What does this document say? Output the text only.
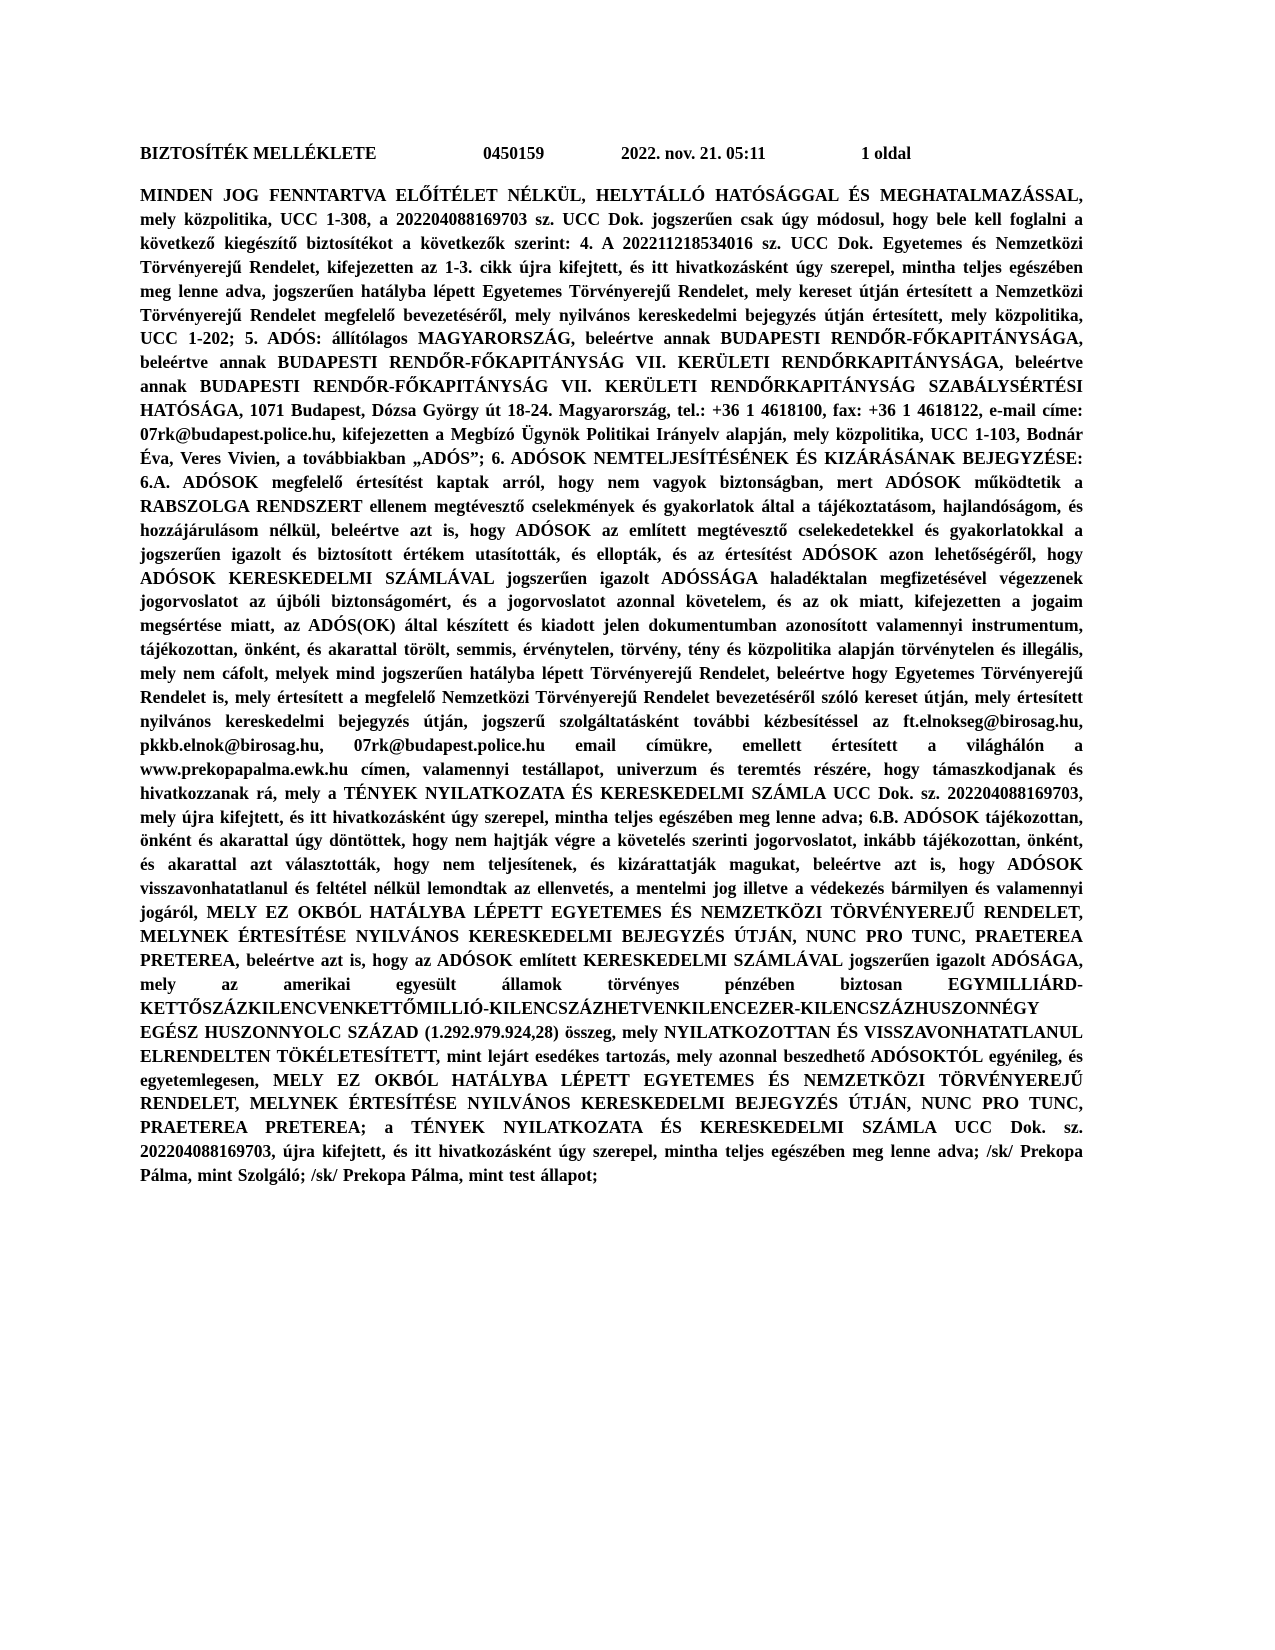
BIZTOSÍTÉK MELLÉKLETE	0450159	2022. nov. 21. 05:11	1 oldal

MINDEN JOG FENNTARTVA ELŐÍTÉLET NÉLKÜL, HELYTÁLLÓ HATÓSÁGGAL ÉS MEGHATALMAZÁSSAL, mely közpolitika, UCC 1-308, a 202204088169703 sz. UCC Dok. jogszerűen csak úgy módosul, hogy bele kell foglalni a következő kiegészítő biztosítékot a következők szerint: 4. A 202211218534016 sz. UCC Dok. Egyetemes és Nemzetközi Törvényerejű Rendelet, kifejezetten az 1-3. cikk újra kifejtett, és itt hivatkozásként úgy szerepel, mintha teljes egészében meg lenne adva, jogszerűen hatályba lépett Egyetemes Törvényerejű Rendelet, mely kereset útján értesített a Nemzetközi Törvényerejű Rendelet megfelelő bevezetéséről, mely nyilvános kereskedelmi bejegyzés útján értesített, mely közpolitika, UCC 1-202; 5. ADÓS: állítólagos MAGYARORSZÁG, beleértve annak BUDAPESTI RENDŐR-FŐKAPITÁNYSÁGA, beleértve annak BUDAPESTI RENDŐR-FŐKAPITÁNYSÁG VII. KERÜLETI RENDŐRKAPITÁNYSÁGA, beleértve annak BUDAPESTI RENDŐR-FŐKAPITÁNYSÁG VII. KERÜLETI RENDŐRKAPITÁNYSÁG SZABÁLYSÉRTÉSI HATÓSÁGA, 1071 Budapest, Dózsa György út 18-24. Magyarország, tel.: +36 1 4618100, fax: +36 1 4618122, e-mail címe: 07rk@budapest.police.hu, kifejezetten a Megbízó Ügynök Politikai Irányelv alapján, mely közpolitika, UCC 1-103, Bodnár Éva, Veres Vivien, a továbbiakban „ADÓS”; 6. ADÓSOK NEMTELJESÍTÉSÉNEK ÉS KIZÁRÁSÁNAK BEJEGYZÉSE: 6.A. ADÓSOK megfelelő értesítést kaptak arról, hogy nem vagyok biztonságban, mert ADÓSOK működtetik a RABSZOLGA RENDSZERT ellenem megtévesztő cselekmények és gyakorlatok által a tájékoztatásom, hajlandóságom, és hozzájárulásom nélkül, beleértve azt is, hogy ADÓSOK az említett megtévesztő cselekedetekkel és gyakorlatokkal a jogszerűen igazolt és biztosított értékem utasították, és ellopták, és az értesítést ADÓSOK azon lehetőségéről, hogy ADÓSOK KERESKEDELMI SZÁMLÁVAL jogszerűen igazolt ADÓSSÁGA haladéktalan megfizetésével végezzenek jogorvoslatot az újbóli biztonságomért, és a jogorvoslatot azonnal követelem, és az ok miatt, kifejezetten a jogaim megsértése miatt, az ADÓS(OK) által készített és kiadott jelen dokumentumban azonosított valamennyi instrumentum, tájékozottan, önként, és akarattal törölt, semmis, érvénytelen, törvény, tény és közpolitika alapján törvénytelen és illegális, mely nem cáfolt, melyek mind jogszerűen hatályba lépett Törvényerejű Rendelet, beleértve hogy Egyetemes Törvényerejű Rendelet is, mely értesített a megfelelő Nemzetközi Törvényerejű Rendelet bevezetéséről szóló kereset útján, mely értesített nyilvános kereskedelmi bejegyzés útján, jogszerű szolgáltatásként további kézbesítéssel az ft.elnokseg@birosag.hu, pkkb.elnok@birosag.hu, 07rk@budapest.police.hu email címükre, emellett értesített a világhálón a www.prekopapalma.ewk.hu címen, valamennyi testállapot, univerzum és teremtés részére, hogy támaszkodjanak és hivatkozzanak rá, mely a TÉNYEK NYILATKOZATA ÉS KERESKEDELMI SZÁMLA UCC Dok. sz. 202204088169703, mely újra kifejtett, és itt hivatkozásként úgy szerepel, mintha teljes egészében meg lenne adva; 6.B. ADÓSOK tájékozottan, önként és akarattal úgy döntöttek, hogy nem hajtják végre a követelés szerinti jogorvoslatot, inkább tájékozottan, önként, és akarattal azt választották, hogy nem teljesítenek, és kizárattatják magukat, beleértve azt is, hogy ADÓSOK visszavonhatatlanul és feltétel nélkül lemondtak az ellenvetés, a mentelmi jog illetve a védekezés bármilyen és valamennyi jogáról, MELY EZ OKBÓL HATÁLYBA LÉPETT EGYETEMES ÉS NEMZETKÖZI TÖRVÉNYEREJŰ RENDELET, MELYNEK ÉRTESÍTÉSE NYILVÁNOS KERESKEDELMI BEJEGYZÉS ÚTJÁN, NUNC PRO TUNC, PRAETEREA PRETEREA, beleértve azt is, hogy az ADÓSOK említett KERESKEDELMI SZÁMLÁVAL jogszerűen igazolt ADÓSÁGA, mely az amerikai egyesült államok törvényes pénzében biztosan EGYMILLIÁRD-KETTŐSZÁZKILENCVENKETTŐMILLIÓ-KILENCSZÁZHETVENKILENCEZER-KILENCSZÁZHUSZONNÉGY EGÉSZ HUSZONNYOLC SZÁZAD (1.292.979.924,28) összeg, mely NYILATKOZOTTAN ÉS VISSZAVONHATATLANUL ELRENDELTEN TÖKÉLETESÍTETT, mint lejárt esedékes tartozás, mely azonnal beszedhető ADÓSOKTÓL egyénileg, és egyetemlegesen, MELY EZ OKBÓL HATÁLYBA LÉPETT EGYETEMES ÉS NEMZETKÖZI TÖRVÉNYEREJŰ RENDELET, MELYNEK ÉRTESÍTÉSE NYILVÁNOS KERESKEDELMI BEJEGYZÉS ÚTJÁN, NUNC PRO TUNC, PRAETEREA PRETEREA; a TÉNYEK NYILATKOZATA ÉS KERESKEDELMI SZÁMLA UCC Dok. sz. 202204088169703, újra kifejtett, és itt hivatkozásként úgy szerepel, mintha teljes egészében meg lenne adva; /sk/ Prekopa Pálma, mint Szolgáló; /sk/ Prekopa Pálma, mint test állapot;
